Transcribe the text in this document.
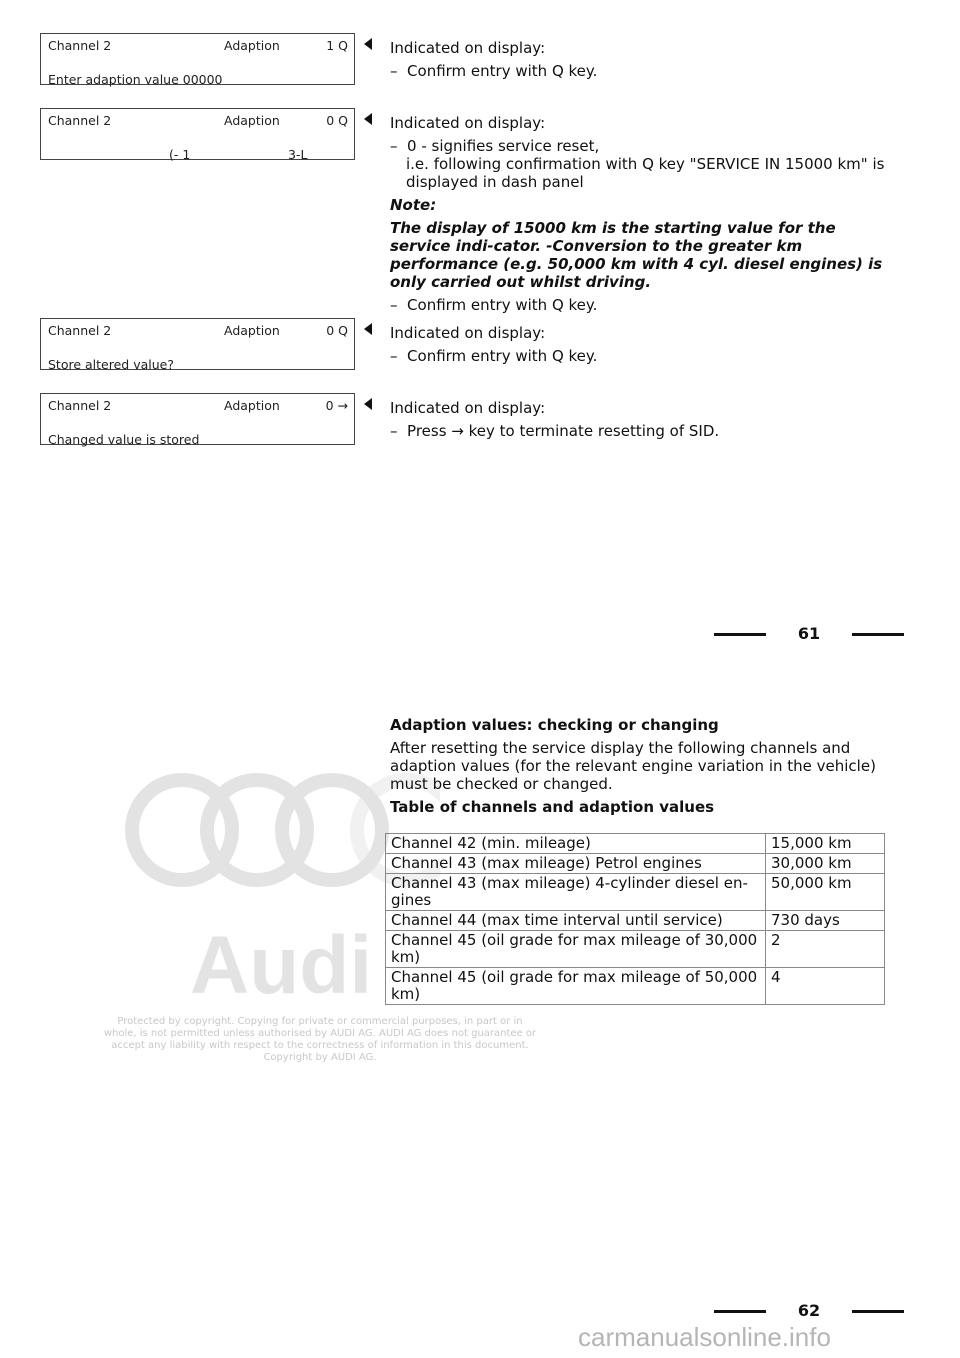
Channel 2	Adaption	1 Q
Enter adaption value 00000
Channel 2	Adaption	0 Q
(- 1	3-L
Channel 2	Adaption	0 Q
Store altered value?
Channel 2	Adaption	0 →
Changed value is stored

Indicated on display:

–  Confirm entry with Q key.

Indicated on display:

–  0 - signifies service reset,

i.e. following confirmation with Q key "SERVICE IN 15000 km" is displayed in dash panel

Note:

The display of 15000 km is the starting value for the service indi-cator. -Conversion to the greater km performance (e.g. 50,000 km with 4 cyl. diesel engines) is only carried out whilst driving.

–  Confirm entry with Q key.

Indicated on display:

–  Confirm entry with Q key.

Indicated on display:

–  Press → key to terminate resetting of SID.

61
Audi

Adaption values: checking or changing

After resetting the service display the following channels and adaption values (for the relevant engine variation in the vehicle) must be checked or changed.

Table of channels and adaption values

Channel 42 (min. mileage)	15,000 km
Channel 43 (max mileage) Petrol engines	30,000 km
Channel 43 (max mileage) 4-cylinder diesel en-gines	50,000 km
Channel 44 (max time interval until service)	730 days
Channel 45 (oil grade for max mileage of 30,000 km)	2
Channel 45 (oil grade for max mileage of 50,000 km)	4
Protected by copyright. Copying for private or commercial purposes, in part or in whole, is not permitted unless authorised by AUDI AG. AUDI AG does not guarantee or accept any liability with respect to the correctness of information in this document. Copyright by AUDI AG.
62
carmanualsonline.info
